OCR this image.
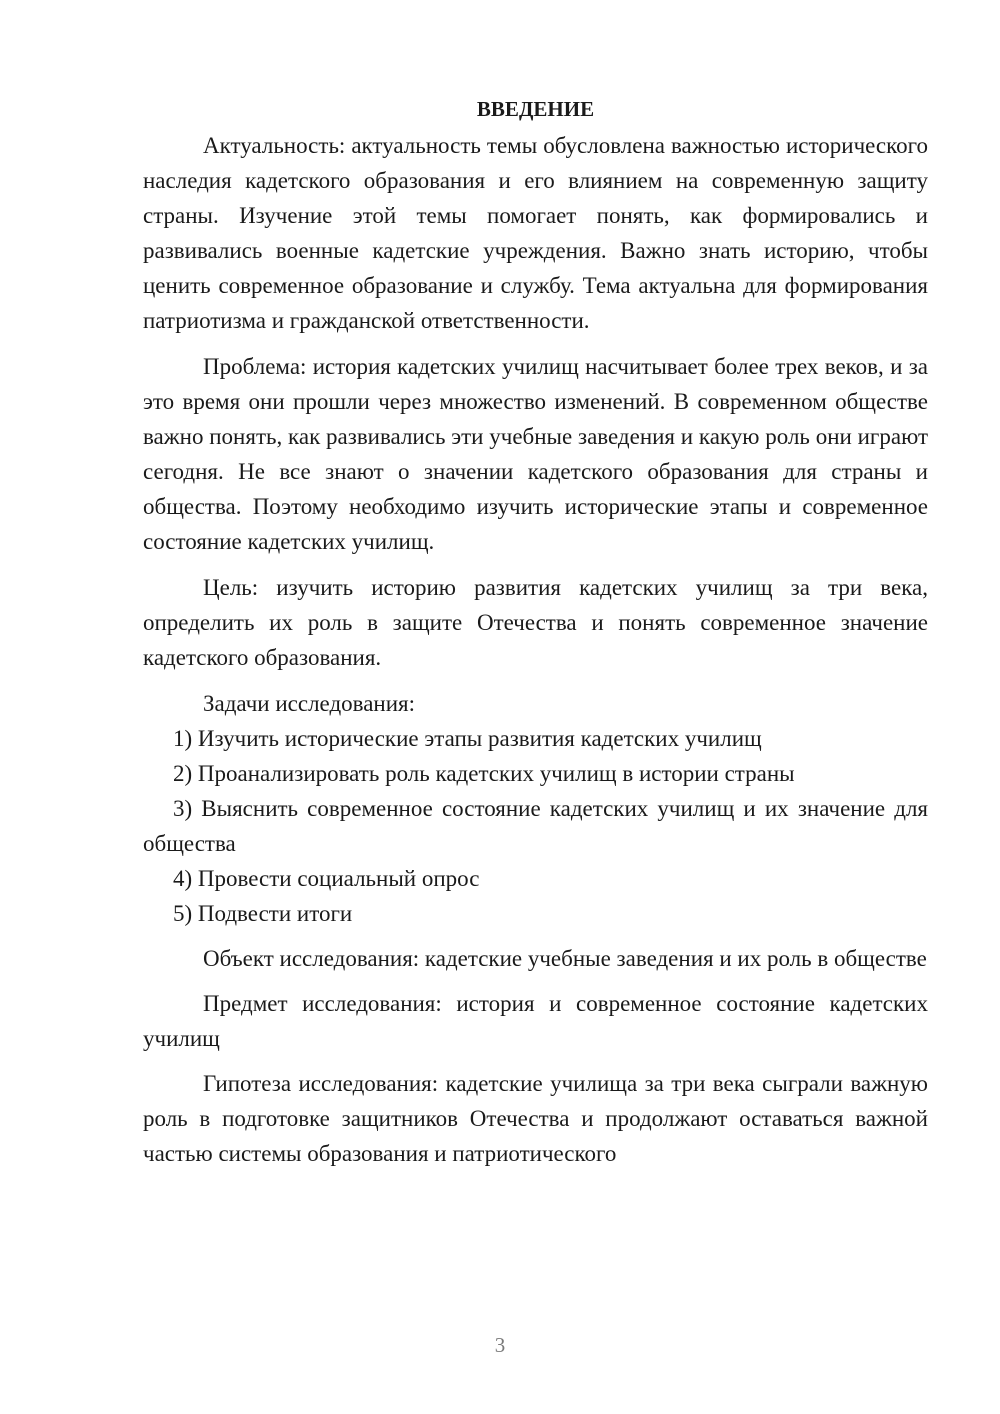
ВВЕДЕНИЕ

Актуальность: актуальность темы обусловлена важностью исторического наследия кадетского образования и его влиянием на современную защиту страны. Изучение этой темы помогает понять, как формировались и развивались военные кадетские учреждения. Важно знать историю, чтобы ценить современное образование и службу. Тема актуальна для формирования патриотизма и гражданской ответственности.

Проблема: история кадетских училищ насчитывает более трех веков, и за это время они прошли через множество изменений. В современном обществе важно понять, как развивались эти учебные заведения и какую роль они играют сегодня. Не все знают о значении кадетского образования для страны и общества. Поэтому необходимо изучить исторические этапы и современное состояние кадетских училищ.

Цель: изучить историю развития кадетских училищ за три века, определить их роль в защите Отечества и понять современное значение кадетского образования.

Задачи исследования:

1) Изучить исторические этапы развития кадетских училищ

2) Проанализировать роль кадетских училищ в истории страны

3) Выяснить современное состояние кадетских училищ и их значение для общества

4) Провести социальный опрос

5) Подвести итоги

Объект исследования: кадетские учебные заведения и их роль в обществе

Предмет исследования: история и современное состояние кадетских училищ

Гипотеза исследования: кадетские училища за три века сыграли важную роль в подготовке защитников Отечества и продолжают оставаться важной частью системы образования и патриотического

3
